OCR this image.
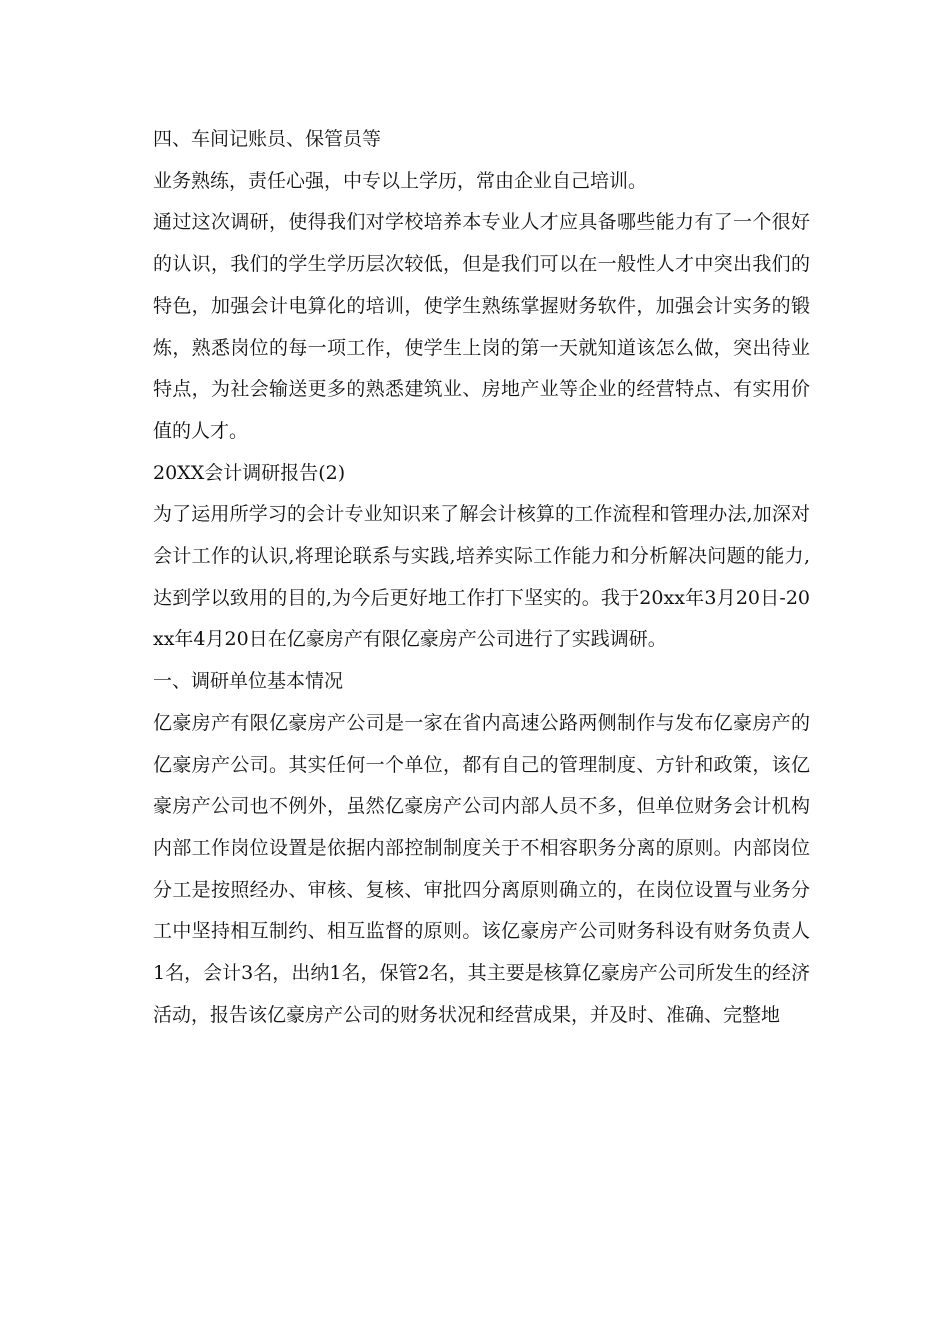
四、车间记账员、保管员等

业务熟练，责任心强，中专以上学历，常由企业自己培训。

通过这次调研，使得我们对学校培养本专业人才应具备哪些能力有了一个很好的认识，我们的学生学历层次较低，但是我们可以在一般性人才中突出我们的特色，加强会计电算化的培训，使学生熟练掌握财务软件，加强会计实务的锻炼，熟悉岗位的每一项工作，使学生上岗的第一天就知道该怎么做，突出待业特点，为社会输送更多的熟悉建筑业、房地产业等企业的经营特点、有实用价值的人才。

20XX会计调研报告(2)

为了运用所学习的会计专业知识来了解会计核算的工作流程和管理办法,加深对会计工作的认识,将理论联系与实践,培养实际工作能力和分析解决问题的能力,达到学以致用的目的,为今后更好地工作打下坚实的。我于20xx年3月20日-20xx年4月20日在亿豪房产有限亿豪房产公司进行了实践调研。

一、调研单位基本情况

亿豪房产有限亿豪房产公司是一家在省内高速公路两侧制作与发布亿豪房产的亿豪房产公司。其实任何一个单位，都有自己的管理制度、方针和政策，该亿豪房产公司也不例外，虽然亿豪房产公司内部人员不多，但单位财务会计机构内部工作岗位设置是依据内部控制制度关于不相容职务分离的原则。内部岗位分工是按照经办、审核、复核、审批四分离原则确立的，在岗位设置与业务分工中坚持相互制约、相互监督的原则。该亿豪房产公司财务科设有财务负责人1名，会计3名，出纳1名，保管2名，其主要是核算亿豪房产公司所发生的经济活动，报告该亿豪房产公司的财务状况和经营成果，并及时、准确、完整地
